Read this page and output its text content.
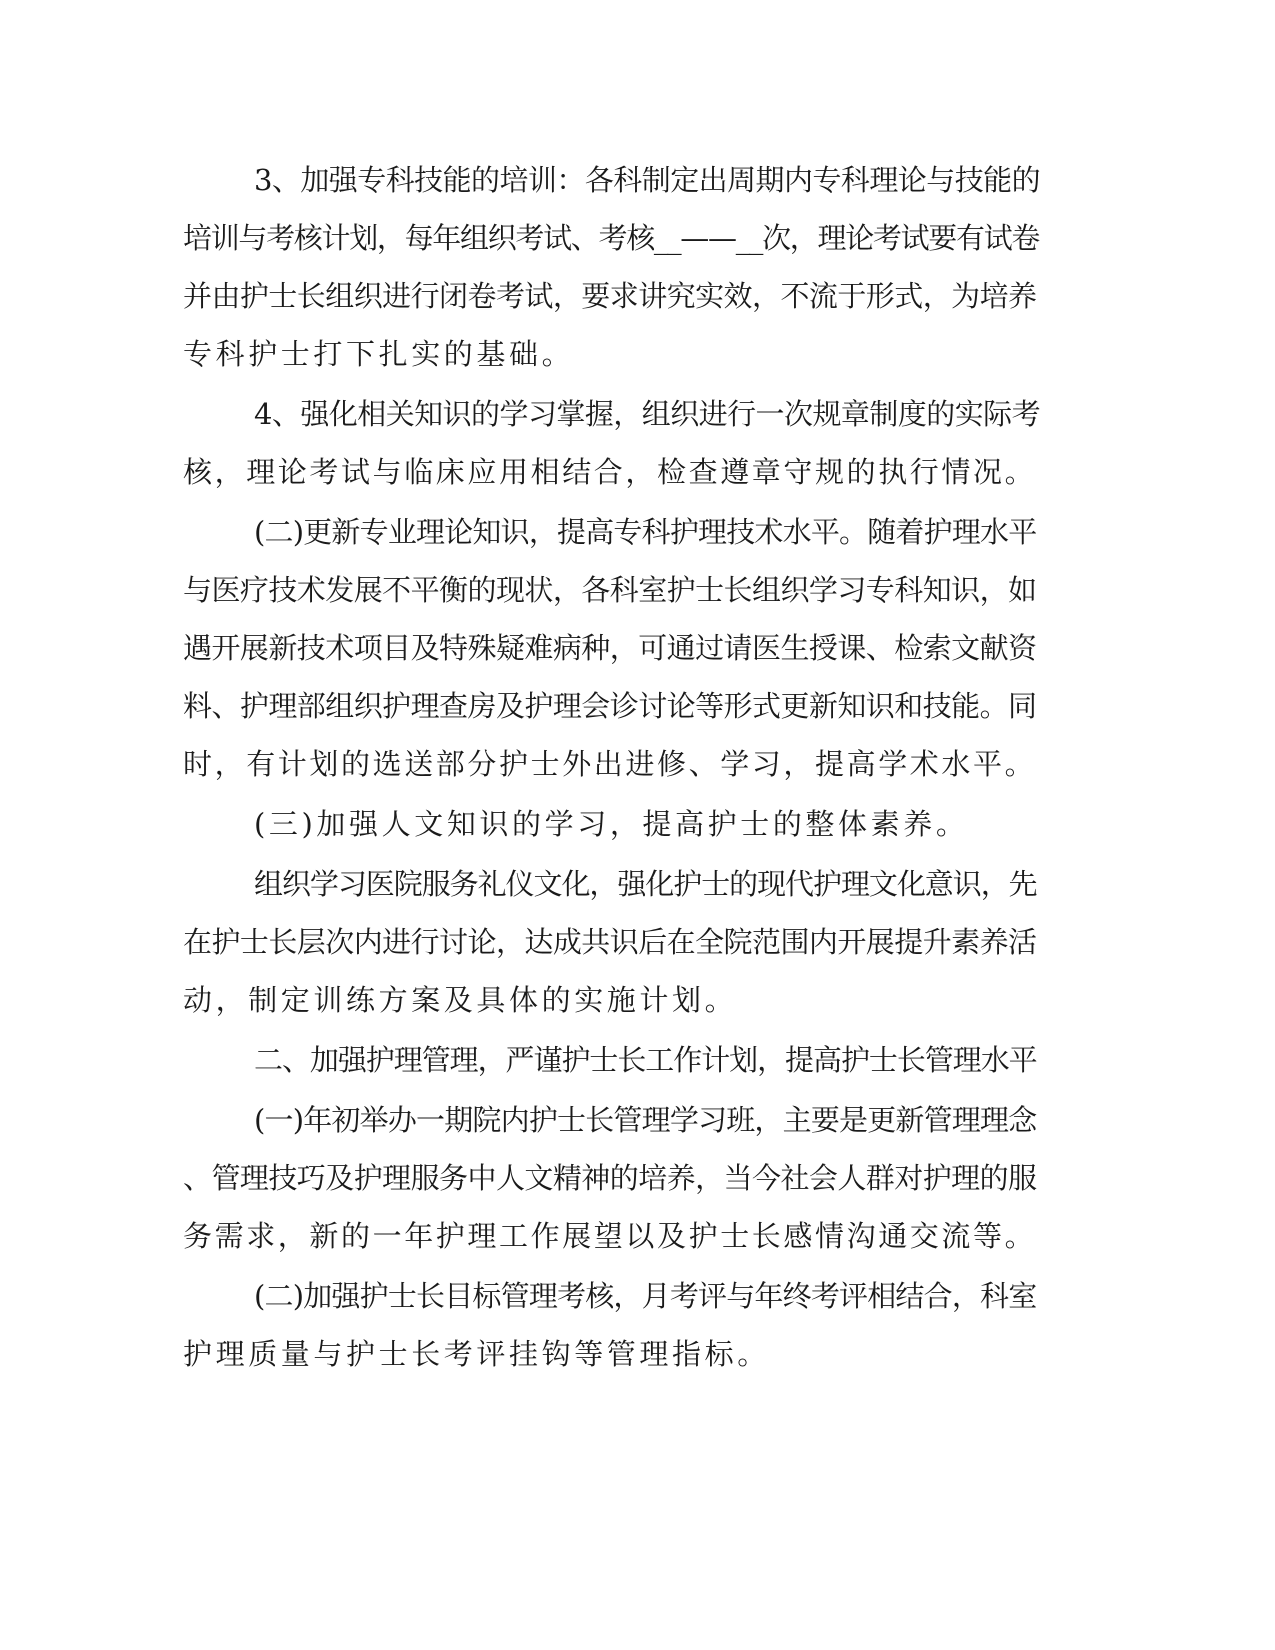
3、加强专科技能的培训：各科制定出周期内专科理论与技能的
培训与考核计划，每年组织考试、考核__——__次，理论考试要有试卷
并由护士长组织进行闭卷考试，要求讲究实效，不流于形式，为培养
专科护士打下扎实的基础。
4、强化相关知识的学习掌握，组织进行一次规章制度的实际考
核，理论考试与临床应用相结合，检查遵章守规的执行情况。
(二)更新专业理论知识，提高专科护理技术水平。随着护理水平
与医疗技术发展不平衡的现状，各科室护士长组织学习专科知识，如
遇开展新技术项目及特殊疑难病种，可通过请医生授课、检索文献资
料、护理部组织护理查房及护理会诊讨论等形式更新知识和技能。同
时，有计划的选送部分护士外出进修、学习，提高学术水平。
(三)加强人文知识的学习，提高护士的整体素养。
组织学习医院服务礼仪文化，强化护士的现代护理文化意识，先
在护士长层次内进行讨论，达成共识后在全院范围内开展提升素养活
动，制定训练方案及具体的实施计划。
二、加强护理管理，严谨护士长工作计划，提高护士长管理水平
(一)年初举办一期院内护士长管理学习班，主要是更新管理理念
、管理技巧及护理服务中人文精神的培养，当今社会人群对护理的服
务需求，新的一年护理工作展望以及护士长感情沟通交流等。
(二)加强护士长目标管理考核，月考评与年终考评相结合，科室
护理质量与护士长考评挂钩等管理指标。
